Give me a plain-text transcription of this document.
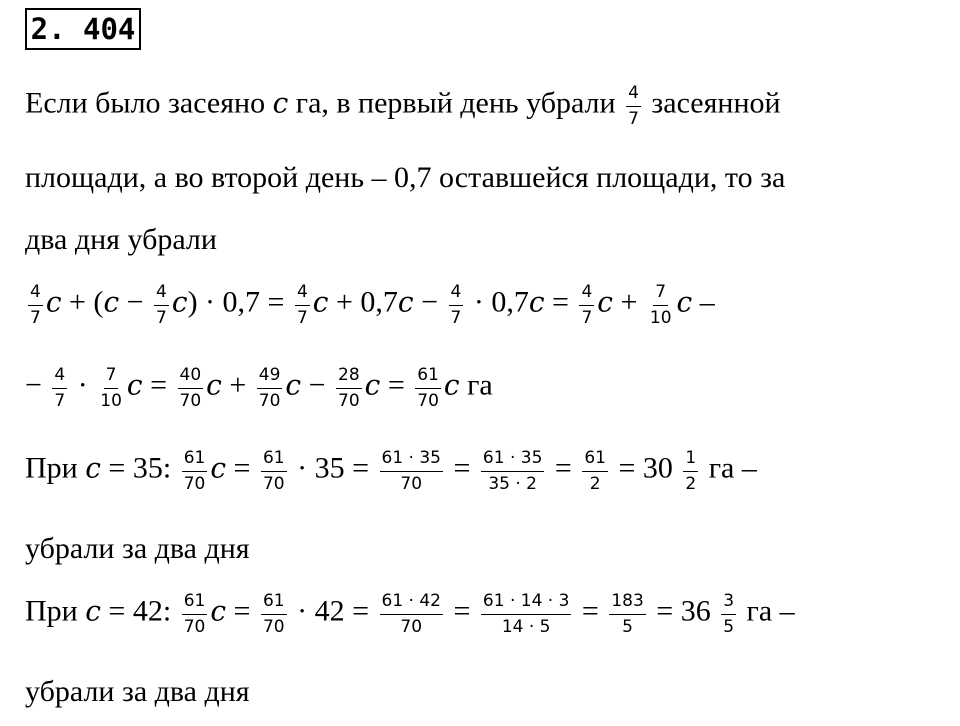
2. 404
Если было засеяно c га, в первый день убрали $\frac{4}{7}$ засеянной
площади, а во второй день – 0,7 оставшейся площади, то за
два дня убрали
$\frac{4}{7}$ $c + (c - \frac{4}{7} c) \cdot 0,7 = \frac{4}{7}$ $c + 0,7c - \frac{4}{7} \cdot 0,7c = \frac{4}{7}$ $c + \frac{7}{10}$ c –
− $\frac{4}{7} \cdot \frac{7}{10}$ $c = \frac{40}{70}$ $c + \frac{49}{70}$ $c - \frac{28}{70}$ $c = \frac{61}{70}$ c га
При c = 35: $\frac{61}{70}$ $c = \frac{61}{70} \cdot 35 = \frac{61 \cdot 35}{70} = \frac{61 \cdot 35}{35 \cdot 2} = \frac{61}{2} = 30 \frac{1}{2}$ га –
убрали за два дня
При c = 42: $\frac{61}{70}$ $c = \frac{61}{70} \cdot 42 = \frac{61 \cdot 42}{70} = \frac{61 \cdot 14 \cdot 3}{14 \cdot 5} = \frac{183}{5} = 36 \frac{3}{5}$ га –
убрали за два дня
